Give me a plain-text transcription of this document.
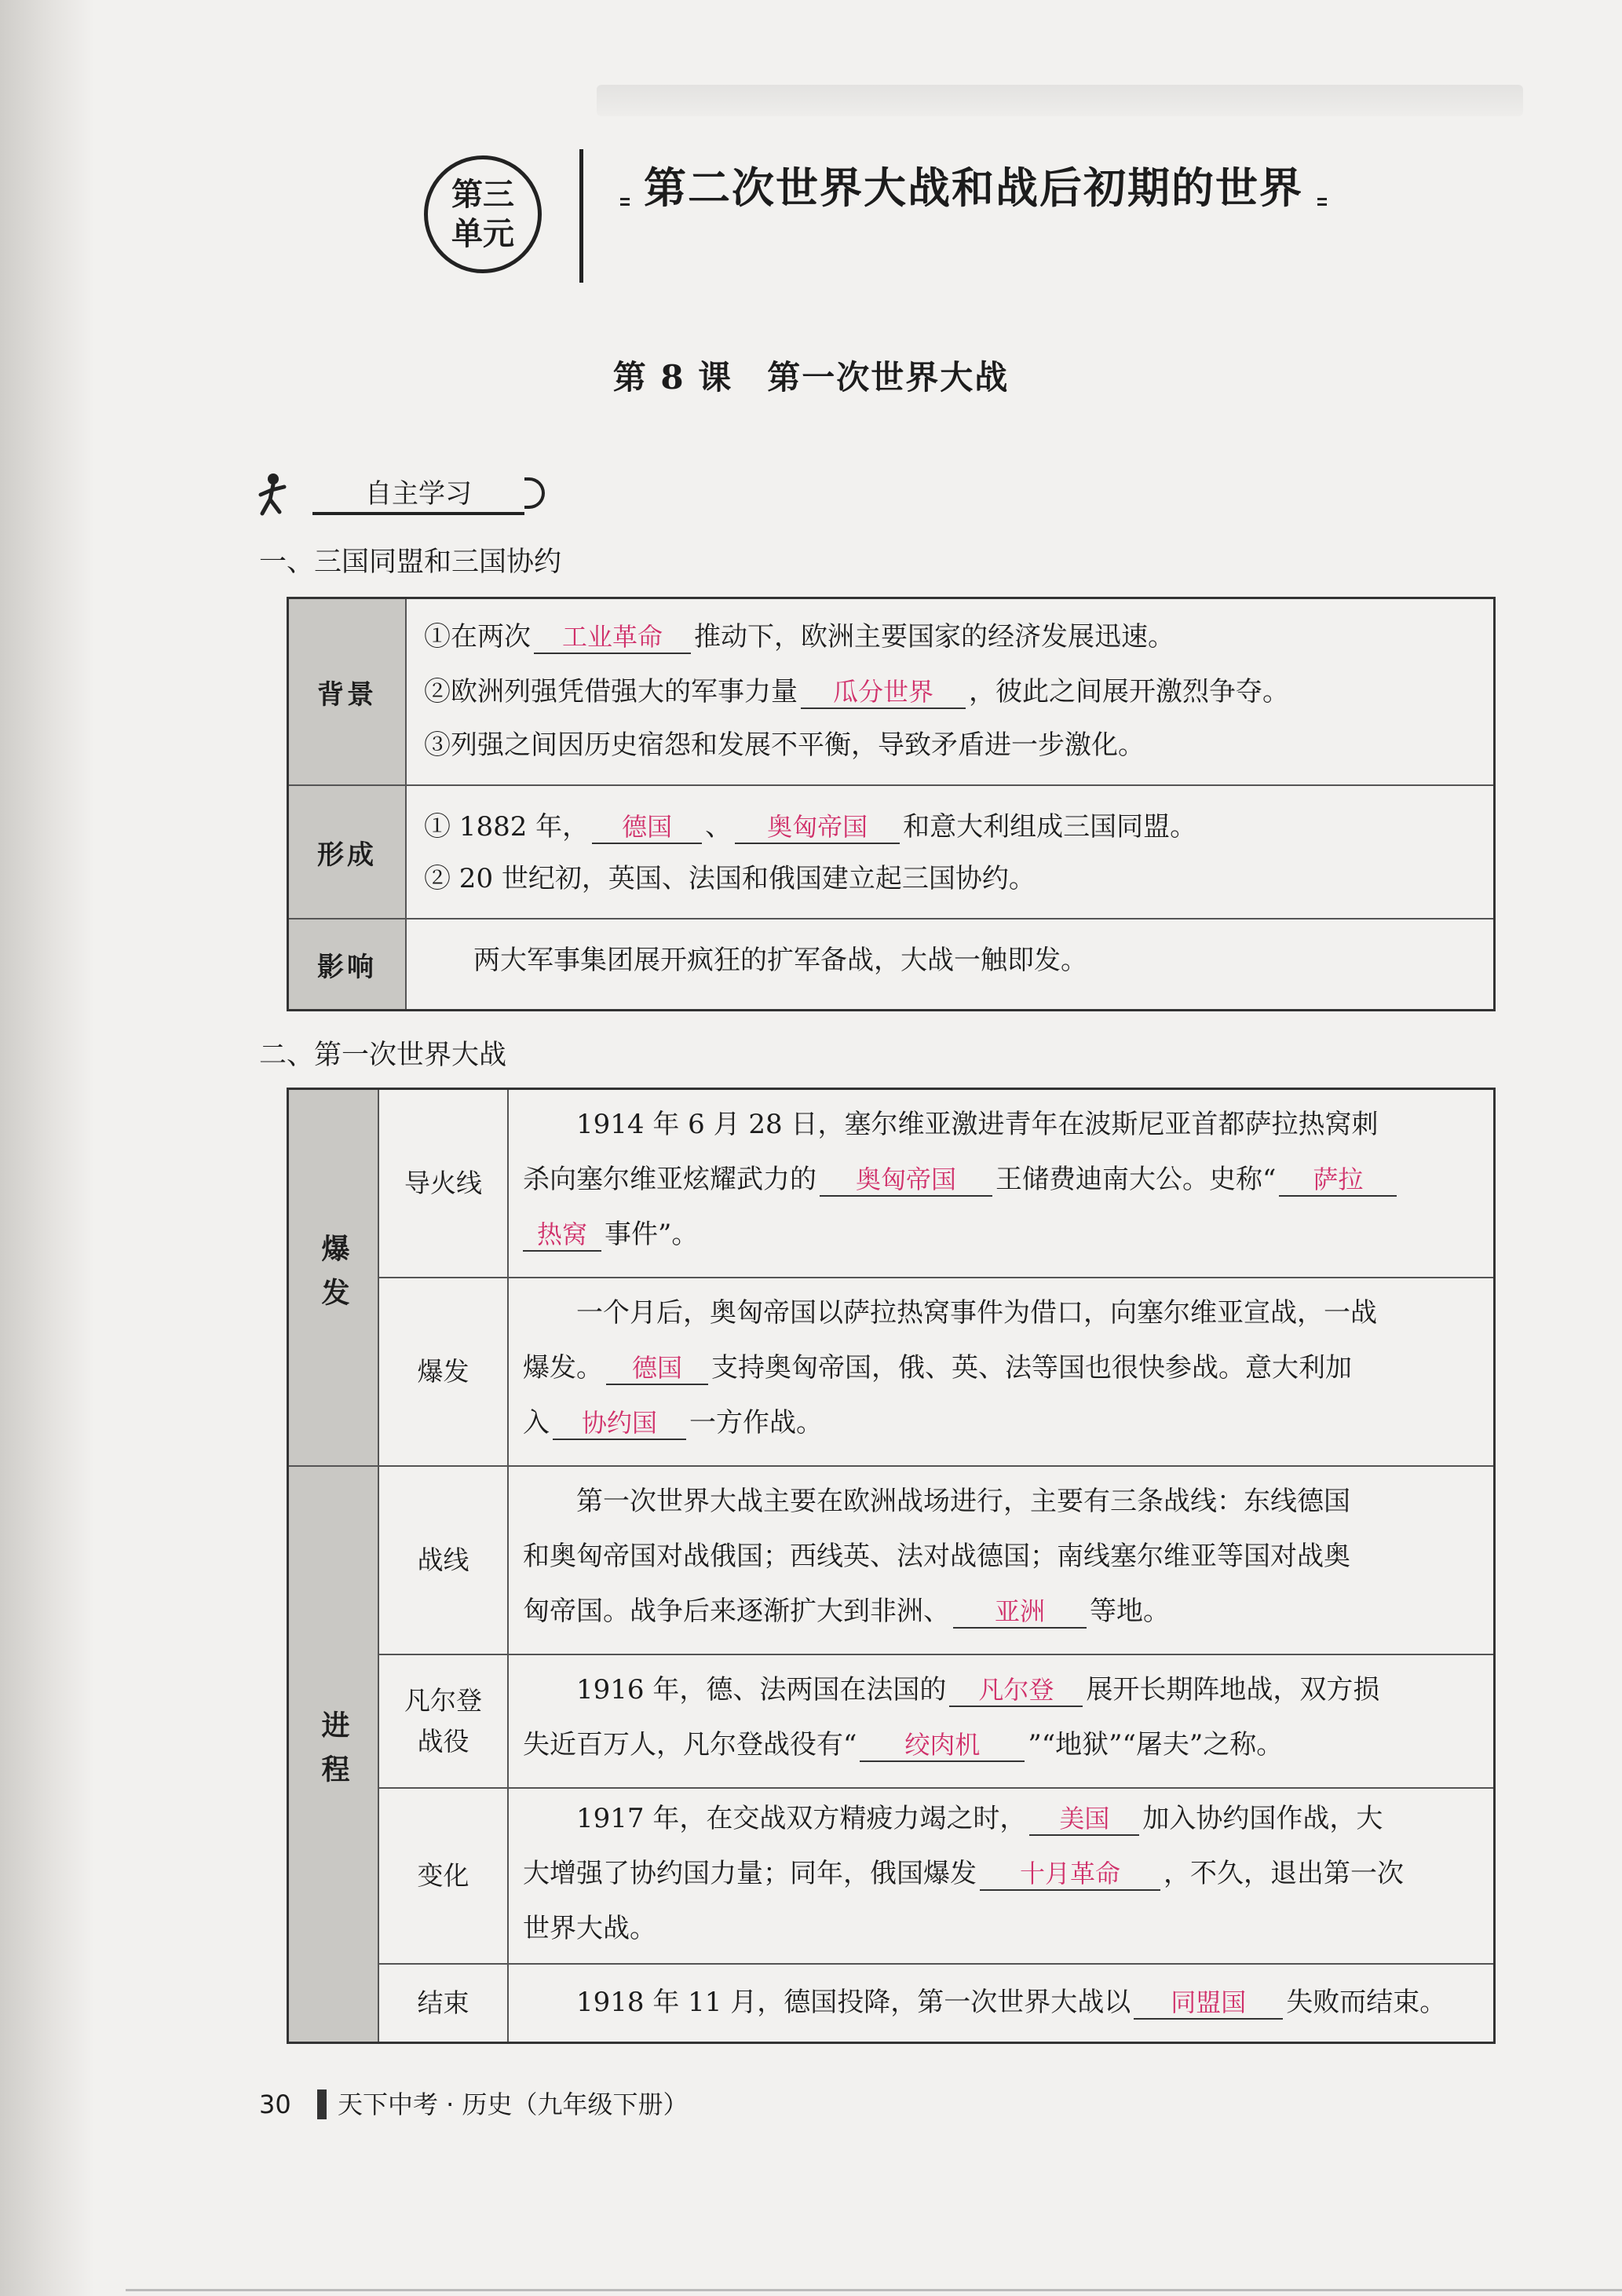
第三
单元
第二次世界大战和战后初期的世界
第 8 课　第一次世界大战
自主学习
一、三国同盟和三国协约
背景
①在两次 工业革命 推动下，欧洲主要国家的经济发展迅速。
②欧洲列强凭借强大的军事力量 瓜分世界 ，彼此之间展开激烈争夺。
③列强之间因历史宿怨和发展不平衡，导致矛盾进一步激化。
形成
① 1882 年， 德国 、 奥匈帝国 和意大利组成三国同盟。
② 20 世纪初，英国、法国和俄国建立起三国协约。
影响	两大军事集团展开疯狂的扩军备战，大战一触即发。
二、第一次世界大战
爆发
进程
导火线
　　1914 年 6 月 28 日，塞尔维亚激进青年在波斯尼亚首都萨拉热窝刺
杀向塞尔维亚炫耀武力的 奥匈帝国 王储费迪南大公。史称“ 萨拉
热窝 事件”。
爆发
　　一个月后，奥匈帝国以萨拉热窝事件为借口，向塞尔维亚宣战，一战
爆发。 德国 支持奥匈帝国，俄、英、法等国也很快参战。意大利加
入 协约国 一方作战。
战线
　　第一次世界大战主要在欧洲战场进行，主要有三条战线：东线德国
和奥匈帝国对战俄国；西线英、法对战德国；南线塞尔维亚等国对战奥
匈帝国。战争后来逐渐扩大到非洲、 亚洲 等地。
凡尔登
战役
　　1916 年，德、法两国在法国的 凡尔登 展开长期阵地战，双方损
失近百万人，凡尔登战役有“ 绞肉机 ”“地狱”“屠夫”之称。
变化
　　1917 年，在交战双方精疲力竭之时， 美国 加入协约国作战，大
大增强了协约国力量；同年，俄国爆发 十月革命 ，不久，退出第一次
世界大战。
结束 　　1918 年 11 月，德国投降，第一次世界大战以 同盟国 失败而结束。
30 天下中考 · 历史（九年级下册）
